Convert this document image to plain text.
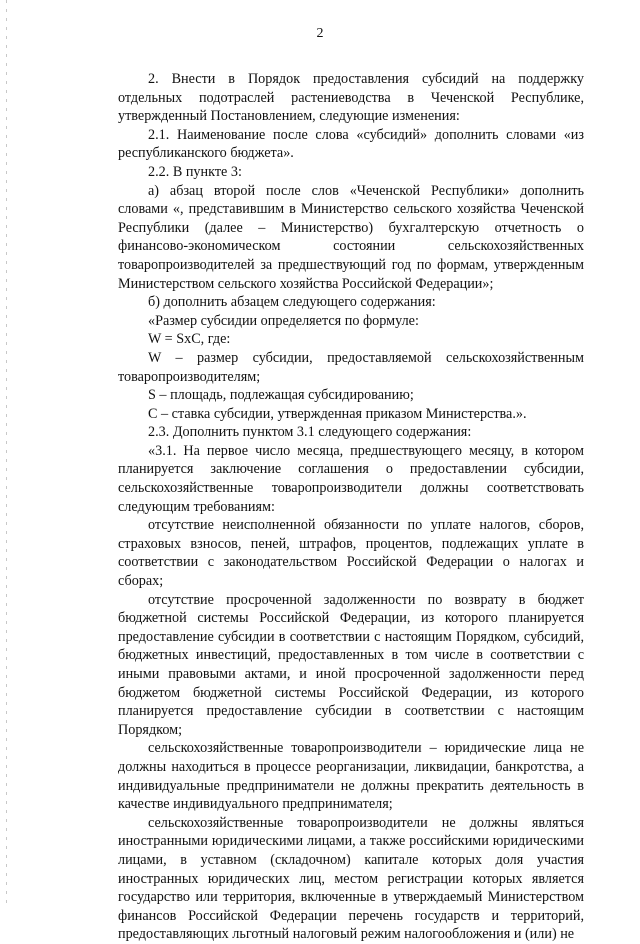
2

2. Внести в Порядок предоставления субсидий на поддержку отдельных подотраслей растениеводства в Чеченской Республике, утвержденный Постановлением, следующие изменения:

2.1. Наименование после слова «субсидий» дополнить словами «из республиканского бюджета».

2.2. В пункте 3:

а) абзац второй после слов «Чеченской Республики» дополнить словами «, представившим в Министерство сельского хозяйства Чеченской Республики (далее – Министерство) бухгалтерскую отчетность о финансово-экономическом состоянии сельскохозяйственных товаропроизводителей за предшествующий год по формам, утвержденным Министерством сельского хозяйства Российской Федерации»;

б) дополнить абзацем следующего содержания:

«Размер субсидии определяется по формуле:

W = SxC, где:

W – размер субсидии, предоставляемой сельскохозяйственным товаропроизводителям;

S – площадь, подлежащая субсидированию;

С – ставка субсидии, утвержденная приказом Министерства.».

2.3. Дополнить пунктом 3.1 следующего содержания:

«3.1. На первое число месяца, предшествующего месяцу, в котором планируется заключение соглашения о предоставлении субсидии, сельскохозяйственные товаропроизводители должны соответствовать следующим требованиям:

отсутствие неисполненной обязанности по уплате налогов, сборов, страховых взносов, пеней, штрафов, процентов, подлежащих уплате в соответствии с законодательством Российской Федерации о налогах и сборах;

отсутствие просроченной задолженности по возврату в бюджет бюджетной системы Российской Федерации, из которого планируется предоставление субсидии в соответствии с настоящим Порядком, субсидий, бюджетных инвестиций, предоставленных в том числе в соответствии с иными правовыми актами, и иной просроченной задолженности перед бюджетом бюджетной системы Российской Федерации, из которого планируется предоставление субсидии в соответствии с настоящим Порядком;

сельскохозяйственные товаропроизводители – юридические лица не должны находиться в процессе реорганизации, ликвидации, банкротства, а индивидуальные предприниматели не должны прекратить деятельность в качестве индивидуального предпринимателя;

сельскохозяйственные товаропроизводители не должны являться иностранными юридическими лицами, а также российскими юридическими лицами, в уставном (складочном) капитале которых доля участия иностранных юридических лиц, местом регистрации которых является государство или территория, включенные в утверждаемый Министерством финансов Российской Федерации перечень государств и территорий, предоставляющих льготный налоговый режим налогообложения и (или) не
